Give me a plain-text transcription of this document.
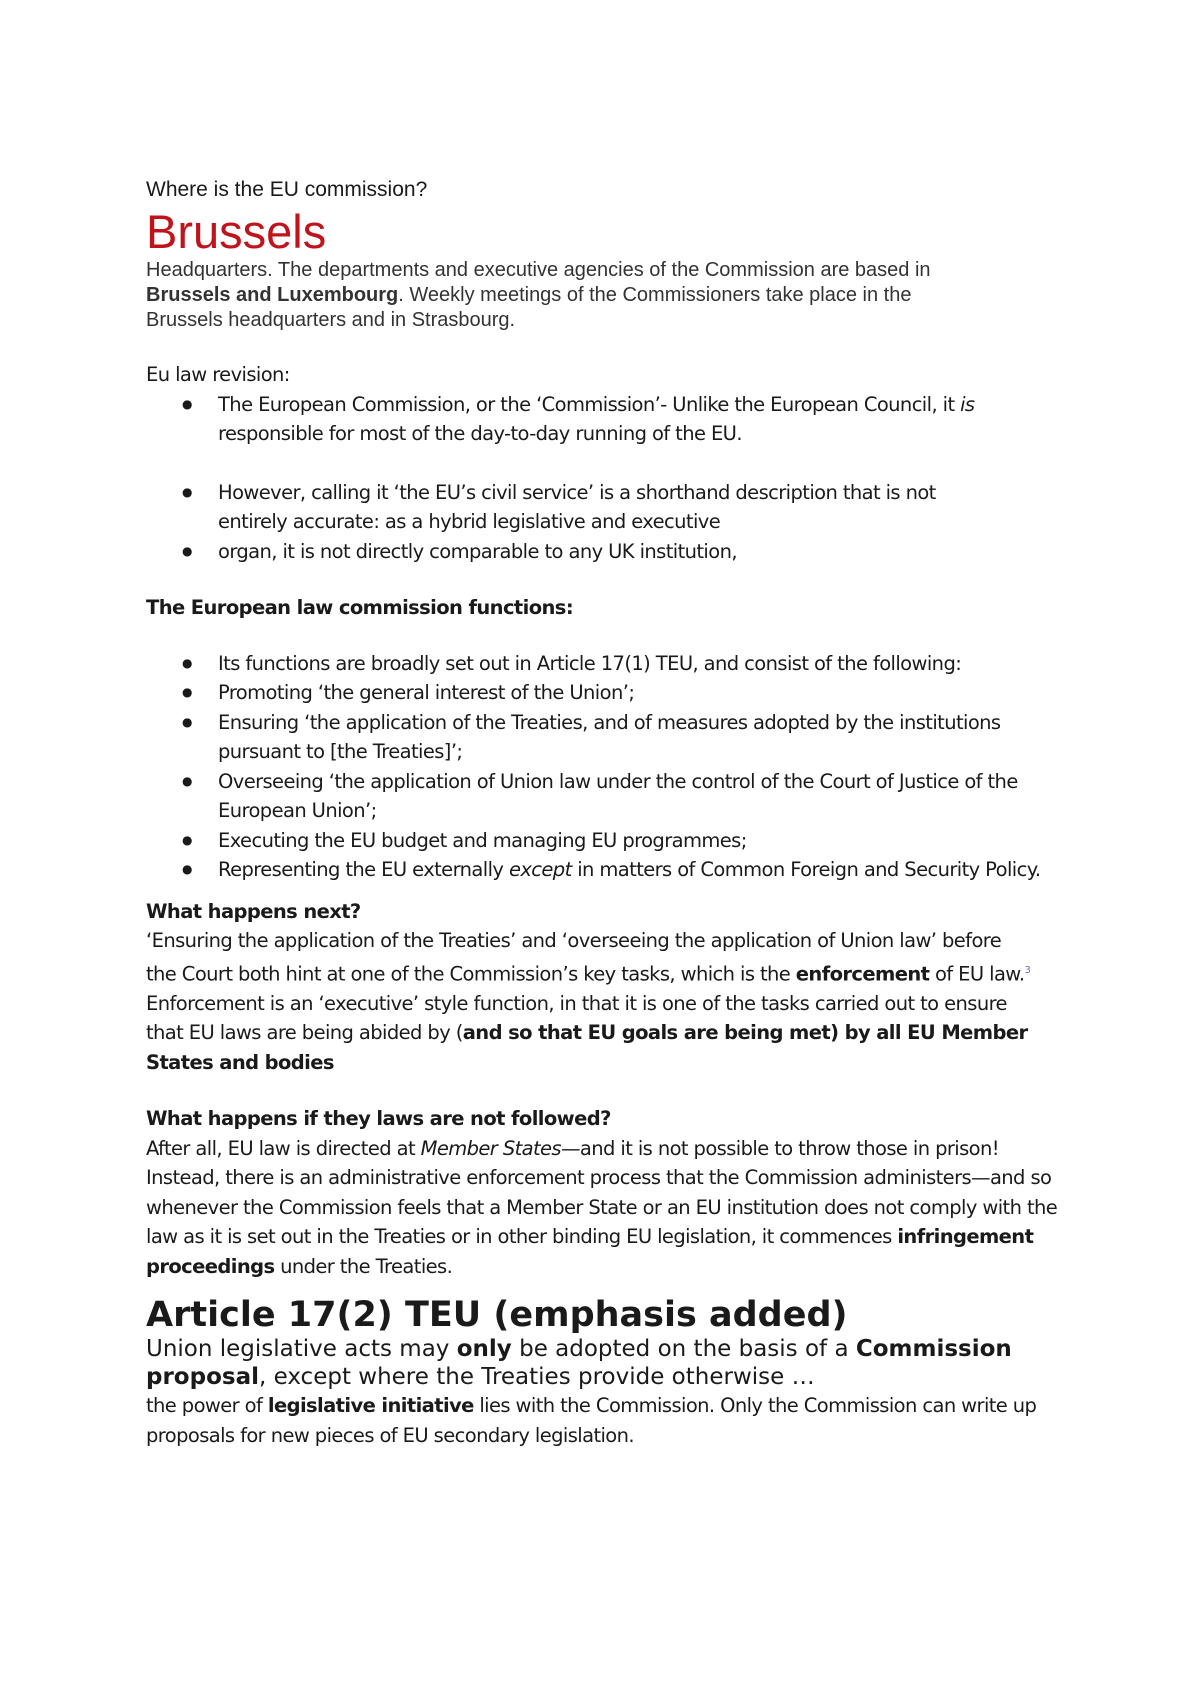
Where is the EU commission?
Brussels
Headquarters. The departments and executive agencies of the Commission are based in Brussels and Luxembourg. Weekly meetings of the Commissioners take place in the Brussels headquarters and in Strasbourg.
Eu law revision:
● The European Commission, or the ‘Commission’- Unlike the European Council, it is responsible for most of the day-to-day running of the EU.
● However, calling it ‘the EU’s civil service’ is a shorthand description that is not entirely accurate: as a hybrid legislative and executive
● organ, it is not directly comparable to any UK institution,
The European law commission functions:
● Its functions are broadly set out in Article 17(1) TEU, and consist of the following:
● Promoting ‘the general interest of the Union’;
● Ensuring ‘the application of the Treaties, and of measures adopted by the institutions pursuant to [the Treaties]’;
● Overseeing ‘the application of Union law under the control of the Court of Justice of the European Union’;
● Executing the EU budget and managing EU programmes;
● Representing the EU externally except in matters of Common Foreign and Security Policy.
What happens next?
‘Ensuring the application of the Treaties’ and ‘overseeing the application of Union law’ before the Court both hint at one of the Commission’s key tasks, which is the enforcement of EU law.$^3$ Enforcement is an ‘executive’ style function, in that it is one of the tasks carried out to ensure that EU laws are being abided by (and so that EU goals are being met) by all EU Member States and bodies
What happens if they laws are not followed?
After all, EU law is directed at Member States—and it is not possible to throw those in prison! Instead, there is an administrative enforcement process that the Commission administers—and so whenever the Commission feels that a Member State or an EU institution does not comply with the law as it is set out in the Treaties or in other binding EU legislation, it commences infringement proceedings under the Treaties.
Article 17(2) TEU (emphasis added)
Union legislative acts may only be adopted on the basis of a Commission proposal, except where the Treaties provide otherwise …
the power of legislative initiative lies with the Commission. Only the Commission can write up proposals for new pieces of EU secondary legislation.
